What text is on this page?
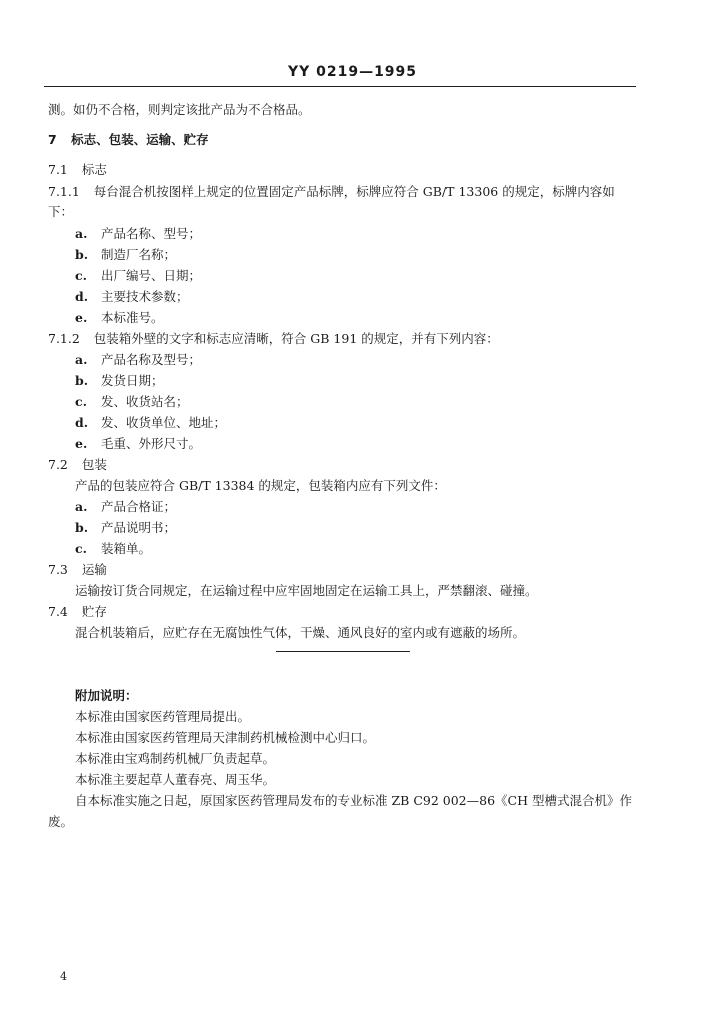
YY 0219—1995
测。如仍不合格，则判定该批产品为不合格品。
7 标志、包装、运输、贮存
7.1 标志
7.1.1 每台混合机按图样上规定的位置固定产品标牌，标牌应符合 GB/T 13306 的规定，标牌内容如
下：
a. 产品名称、型号；
b. 制造厂名称；
c. 出厂编号、日期；
d. 主要技术参数；
e. 本标准号。
7.1.2 包装箱外壁的文字和标志应清晰，符合 GB 191 的规定，并有下列内容：
a. 产品名称及型号；
b. 发货日期；
c. 发、收货站名；
d. 发、收货单位、地址；
e. 毛重、外形尺寸。
7.2 包装
产品的包装应符合 GB/T 13384 的规定，包装箱内应有下列文件：
a. 产品合格证；
b. 产品说明书；
c. 装箱单。
7.3 运输
运输按订货合同规定，在运输过程中应牢固地固定在运输工具上，严禁翻滚、碰撞。
7.4 贮存
混合机装箱后，应贮存在无腐蚀性气体，干燥、通风良好的室内或有遮蔽的场所。
附加说明：
本标准由国家医药管理局提出。
本标准由国家医药管理局天津制药机械检测中心归口。
本标准由宝鸡制药机械厂负责起草。
本标准主要起草人董春亮、周玉华。
自本标准实施之日起，原国家医药管理局发布的专业标准 ZB C92 002—86《CH 型槽式混合机》作
废。
4
